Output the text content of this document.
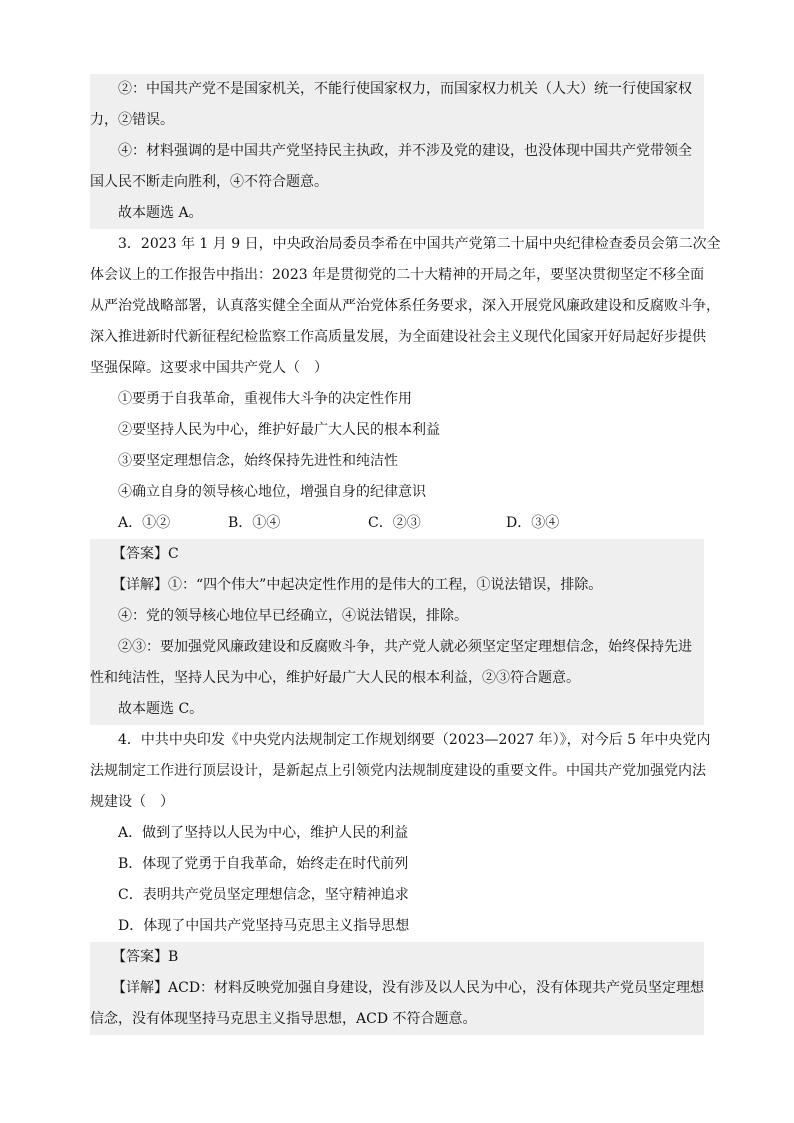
②：中国共产党不是国家机关，不能行使国家权力，而国家权力机关（人大）统一行使国家权
力，②错误。
④：材料强调的是中国共产党坚持民主执政，并不涉及党的建设，也没体现中国共产党带领全
国人民不断走向胜利，④不符合题意。
故本题选 A。
3．2023 年 1 月 9 日，中央政治局委员李希在中国共产党第二十届中央纪律检查委员会第二次全
体会议上的工作报告中指出：2023 年是贯彻党的二十大精神的开局之年，要坚决贯彻坚定不移全面
从严治党战略部署，认真落实健全全面从严治党体系任务要求，深入开展党风廉政建设和反腐败斗争，
深入推进新时代新征程纪检监察工作高质量发展，为全面建设社会主义现代化国家开好局起好步提供
坚强保障。这要求中国共产党人（　）
①要勇于自我革命，重视伟大斗争的决定性作用
②要坚持人民为中心，维护好最广大人民的根本利益
③要坚定理想信念，始终保持先进性和纯洁性
④确立自身的领导核心地位，增强自身的纪律意识
A．①②	B．①④	C．②③	D．③④
【答案】C
【详解】①：“四个伟大”中起决定性作用的是伟大的工程，①说法错误，排除。
④：党的领导核心地位早已经确立，④说法错误，排除。
②③：要加强党风廉政建设和反腐败斗争，共产党人就必须坚定坚定理想信念，始终保持先进
性和纯洁性，坚持人民为中心，维护好最广大人民的根本利益，②③符合题意。
故本题选 C。
4．中共中央印发《中央党内法规制定工作规划纲要（2023—2027 年）》，对今后 5 年中央党内
法规制定工作进行顶层设计，是新起点上引领党内法规制度建设的重要文件。中国共产党加强党内法
规建设（　）
A．做到了坚持以人民为中心，维护人民的利益
B．体现了党勇于自我革命，始终走在时代前列
C．表明共产党员坚定理想信念，坚守精神追求
D．体现了中国共产党坚持马克思主义指导思想
【答案】B
【详解】ACD：材料反映党加强自身建设，没有涉及以人民为中心，没有体现共产党员坚定理想
信念，没有体现坚持马克思主义指导思想，ACD 不符合题意。
